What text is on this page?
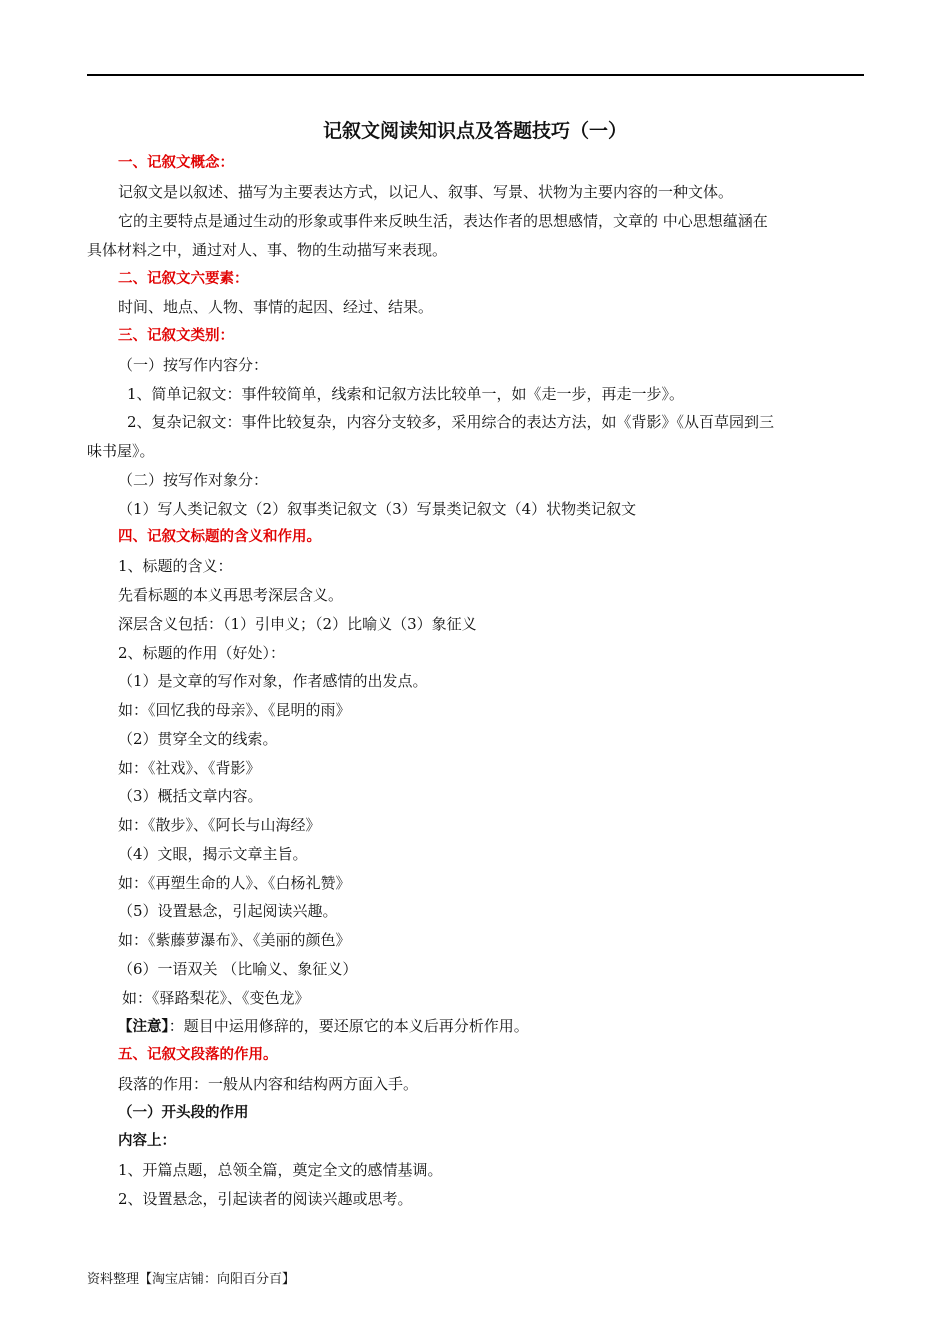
记叙文阅读知识点及答题技巧（一）
一、记叙文概念：
记叙文是以叙述、描写为主要表达方式，以记人、叙事、写景、状物为主要内容的一种文体。
它的主要特点是通过生动的形象或事件来反映生活，表达作者的思想感情，文章的 中心思想蕴涵在
具体材料之中，通过对人、事、物的生动描写来表现。
二、记叙文六要素：
时间、地点、人物、事情的起因、经过、结果。
三、记叙文类别：
（一）按写作内容分：
1、简单记叙文：事件较简单，线索和记叙方法比较单一，如《走一步，再走一步》。
2、复杂记叙文：事件比较复杂，内容分支较多，采用综合的表达方法，如《背影》《从百草园到三
味书屋》。
（二）按写作对象分：
（1）写人类记叙文（2）叙事类记叙文（3）写景类记叙文（4）状物类记叙文
四、记叙文标题的含义和作用。
1、标题的含义：
先看标题的本义再思考深层含义。
深层含义包括：（1）引申义；（2）比喻义（3）象征义
2、标题的作用（好处）：
（1）是文章的写作对象，作者感情的出发点。
如：《回忆我的母亲》、《昆明的雨》
（2）贯穿全文的线索。
如：《社戏》、《背影》
（3）概括文章内容。
如：《散步》、《阿长与山海经》
（4）文眼，揭示文章主旨。
如：《再塑生命的人》、《白杨礼赞》
（5）设置悬念，引起阅读兴趣。
如：《紫藤萝瀑布》、《美丽的颜色》
（6）一语双关 （比喻义、象征义）
如：《驿路梨花》、《变色龙》
【注意】：题目中运用修辞的，要还原它的本义后再分析作用。
五、记叙文段落的作用。
段落的作用：一般从内容和结构两方面入手。
（一）开头段的作用
内容上：
1、开篇点题，总领全篇，奠定全文的感情基调。
2、设置悬念，引起读者的阅读兴趣或思考。
资料整理【淘宝店铺：向阳百分百】
